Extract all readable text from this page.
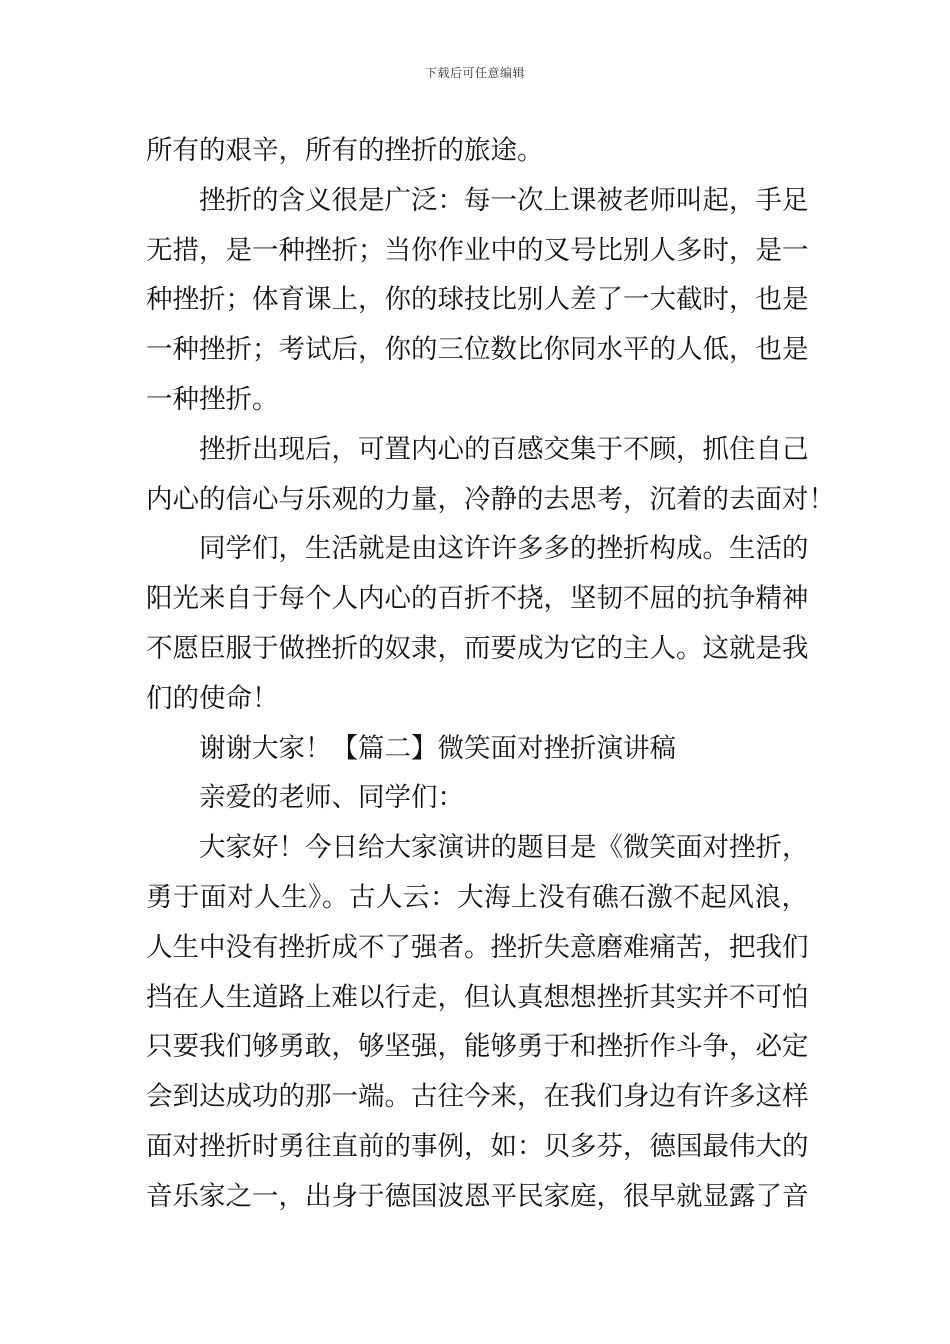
下载后可任意编辑
所有的艰辛，所有的挫折的旅途。
挫折的含义很是广泛：每一次上课被老师叫起，手足
无措，是一种挫折；当你作业中的叉号比别人多时，是一
种挫折；体育课上，你的球技比别人差了一大截时，也是
一种挫折；考试后，你的三位数比你同水平的人低，也是
一种挫折。
挫折出现后，可置内心的百感交集于不顾，抓住自己
内心的信心与乐观的力量，冷静的去思考，沉着的去面对！
同学们，生活就是由这许许多多的挫折构成。生活的
阳光来自于每个人内心的百折不挠，坚韧不屈的抗争精神
不愿臣服于做挫折的奴隶，而要成为它的主人。这就是我
们的使命！
谢谢大家！【篇二】微笑面对挫折演讲稿
亲爱的老师、同学们：
大家好！今日给大家演讲的题目是《微笑面对挫折，
勇于面对人生》。古人云：大海上没有礁石激不起风浪，
人生中没有挫折成不了强者。挫折失意磨难痛苦，把我们
挡在人生道路上难以行走，但认真想想挫折其实并不可怕
只要我们够勇敢，够坚强，能够勇于和挫折作斗争，必定
会到达成功的那一端。古往今来，在我们身边有许多这样
面对挫折时勇往直前的事例，如：贝多芬，德国最伟大的
音乐家之一，出身于德国波恩平民家庭，很早就显露了音
